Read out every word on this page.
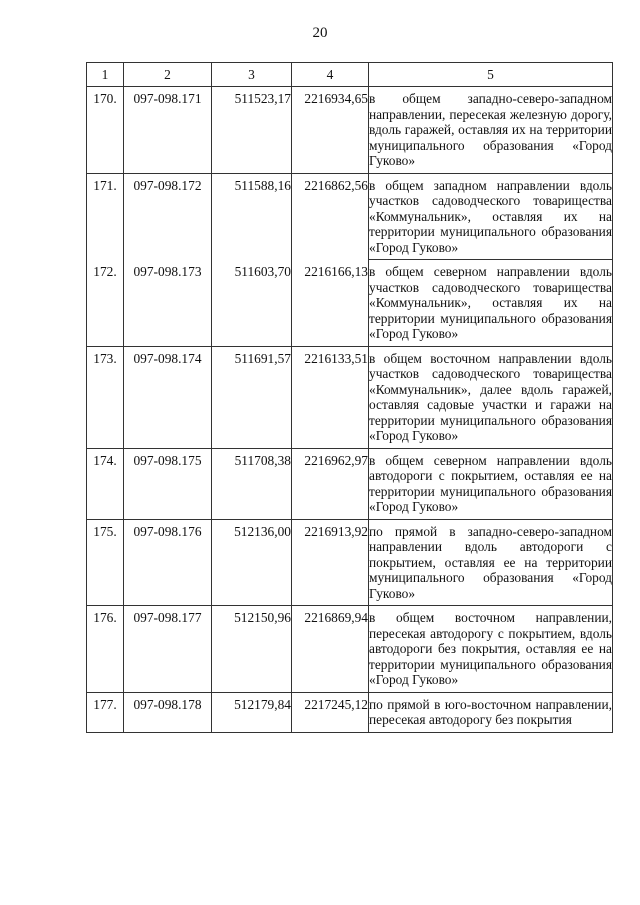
20
1	2	3	4	5
170.	097-098.171	511523,17	2216934,65	в общем западно-северо-западном направлении, пересекая железную дорогу, вдоль гаражей, оставляя их на территории муниципального образования «Город Гуково»
171.	097-098.172	511588,16	2216862,56	в общем западном направлении вдоль участков садоводческого товарищества «Коммунальник», оставляя их на территории муниципального образования «Город Гуково»
172.	097-098.173	511603,70	2216166,13	в общем северном направлении вдоль участков садоводческого товарищества «Коммунальник», оставляя их на территории муниципального образования «Город Гуково»
173.	097-098.174	511691,57	2216133,51	в общем восточном направлении вдоль участков садоводческого товарищества «Коммунальник», далее вдоль гаражей, оставляя садовые участки и гаражи на территории муниципального образования «Город Гуково»
174.	097-098.175	511708,38	2216962,97	в общем северном направлении вдоль автодороги с покрытием, оставляя ее на территории муниципального образования «Город Гуково»
175.	097-098.176	512136,00	2216913,92	по прямой в западно-северо-западном направлении вдоль автодороги с покрытием, оставляя ее на территории муниципального образования «Город Гуково»
176.	097-098.177	512150,96	2216869,94	в общем восточном направлении, пересекая автодорогу с покрытием, вдоль автодороги без покрытия, оставляя ее на территории муниципального образования «Город Гуково»
177.	097-098.178	512179,84	2217245,12	по прямой в юго-восточном направлении, пересекая автодорогу без покрытия
